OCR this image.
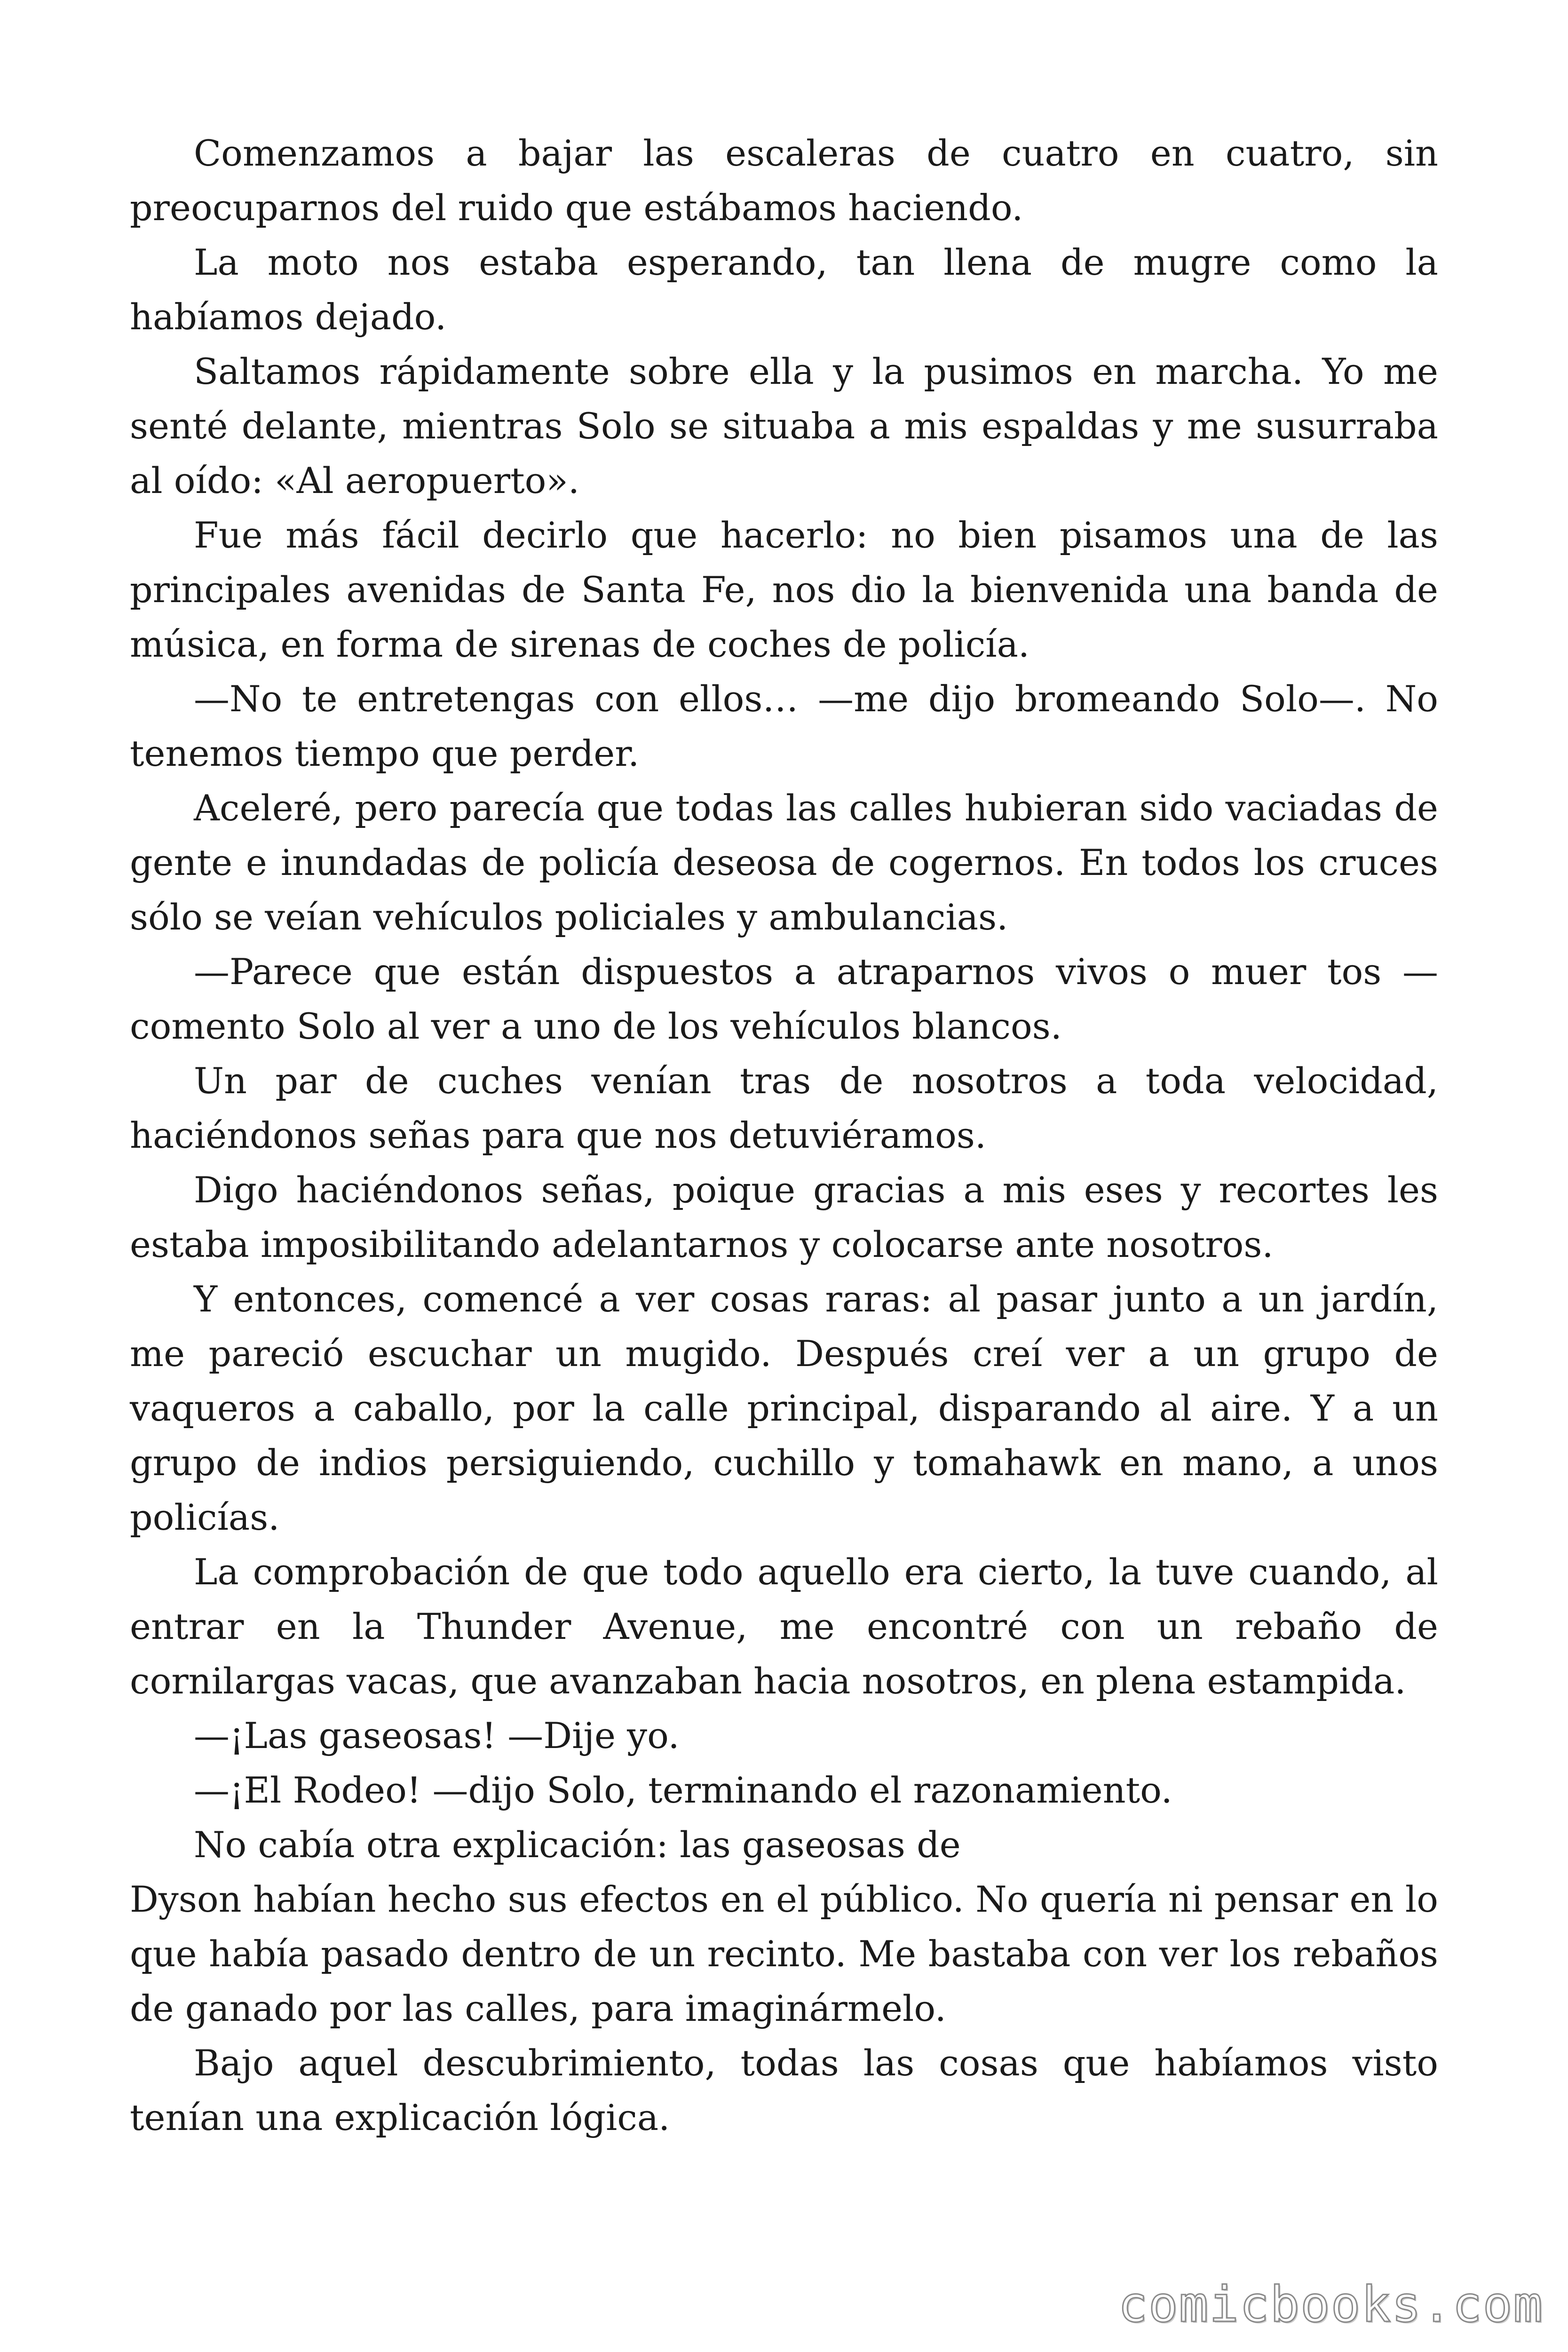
Comenzamos a bajar las escaleras de cuatro en cuatro, sin preocuparnos del ruido que estábamos haciendo.

La moto nos estaba esperando, tan llena de mugre como la habíamos dejado.

Saltamos rápidamente sobre ella y la pusimos en marcha. Yo me senté delante, mientras Solo se situaba a mis espaldas y me susurraba al oído: «Al aeropuerto».

Fue más fácil decirlo que hacerlo: no bien pisamos una de las principales avenidas de Santa Fe, nos dio la bienvenida una banda de música, en forma de sirenas de coches de policía.

—No te entretengas con ellos… —me dijo bromeando Solo—. No tenemos tiempo que perder.

Aceleré, pero parecía que todas las calles hubieran sido vaciadas de gente e inundadas de policía deseosa de cogernos. En todos los cruces sólo se veían vehículos policiales y ambulancias.

—Parece que están dispuestos a atraparnos vivos o muer tos — comento Solo al ver a uno de los vehículos blancos.

Un par de cuches venían tras de nosotros a toda velocidad, haciéndonos señas para que nos detuviéramos.

Digo haciéndonos señas, poique gracias a mis eses y recortes les estaba imposibilitando adelantarnos y colocarse ante nosotros.

Y entonces, comencé a ver cosas raras: al pasar junto a un jardín, me pareció escuchar un mugido. Después creí ver a un grupo de vaqueros a caballo, por la calle principal, disparando al aire. Y a un grupo de indios persiguiendo, cuchillo y tomahawk en mano, a unos policías.

La comprobación de que todo aquello era cierto, la tuve cuando, al entrar en la Thunder Avenue, me encontré con un rebaño de cornilargas vacas, que avanzaban hacia nosotros, en plena estampida.

—¡Las gaseosas! —Dije yo.

—¡El Rodeo! —dijo Solo, terminando el razonamiento.

No cabía otra explicación: las gaseosas de

Dyson habían hecho sus efectos en el público. No quería ni pensar en lo que había pasado dentro de un recinto. Me bastaba con ver los rebaños de ganado por las calles, para imaginármelo.

Bajo aquel descubrimiento, todas las cosas que habíamos visto tenían una explicación lógica.

comicbooks.com
